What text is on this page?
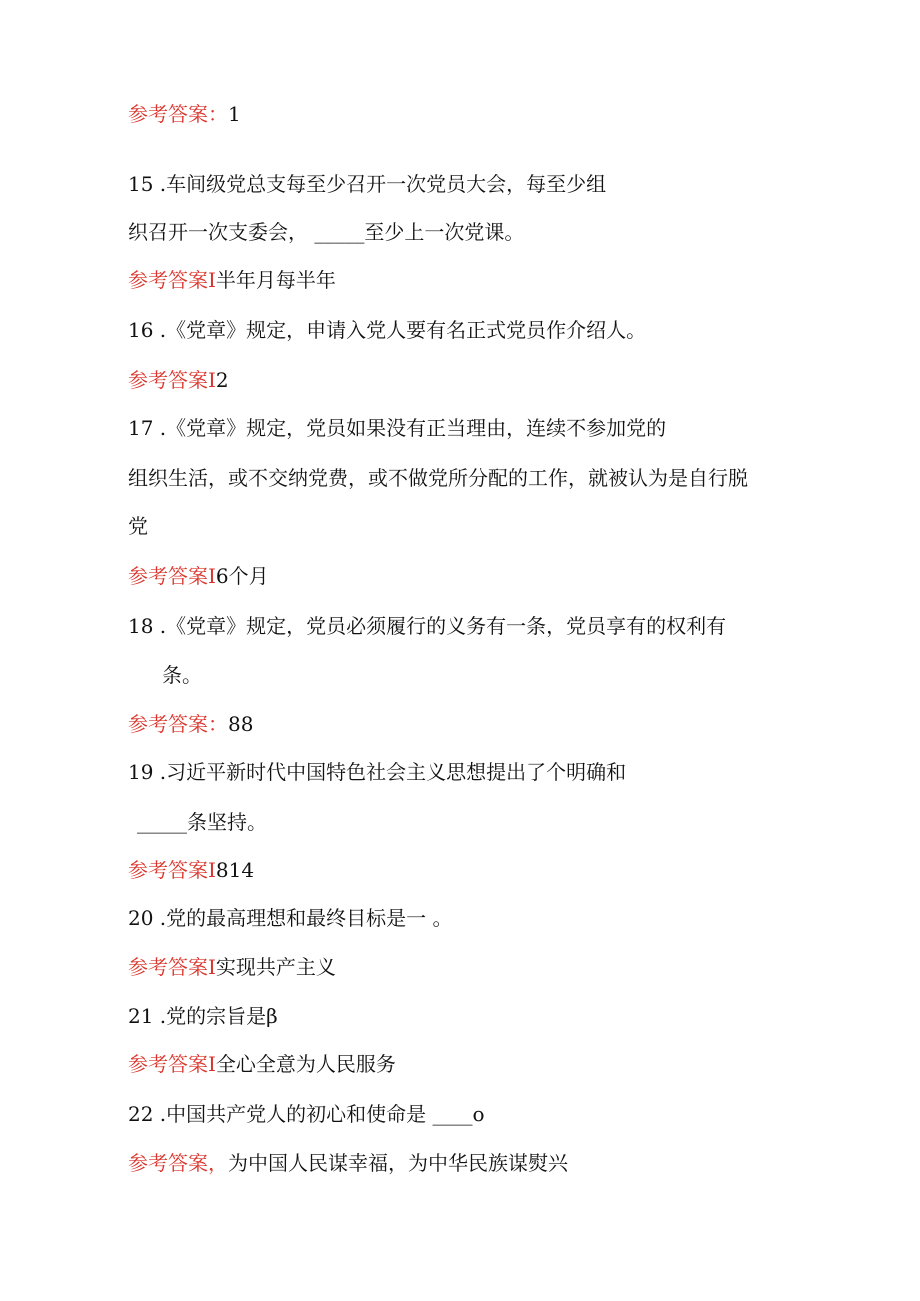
参考答案：1
15 .车间级党总支每至少召开一次党员大会，每至少组
织召开一次支委会， _____至少上一次党课。
参考答案I半年月每半年
16 .《党章》规定，申请入党人要有名正式党员作介绍人。
参考答案I2
17 .《党章》规定，党员如果没有正当理由，连续不参加党的
组织生活，或不交纳党费，或不做党所分配的工作，就被认为是自行脱
党
参考答案I6个月
18 .《党章》规定，党员必须履行的义务有一条，党员享有的权利有
条。
参考答案：88
19 .习近平新时代中国特色社会主义思想提出了个明确和
_____条坚持。
参考答案I814
20 .党的最高理想和最终目标是一 。
参考答案I实现共产主义
21 .党的宗旨是β
参考答案I全心全意为人民服务
22 .中国共产党人的初心和使命是 ____o
参考答案，为中国人民谋幸福，为中华民族谋熨兴
